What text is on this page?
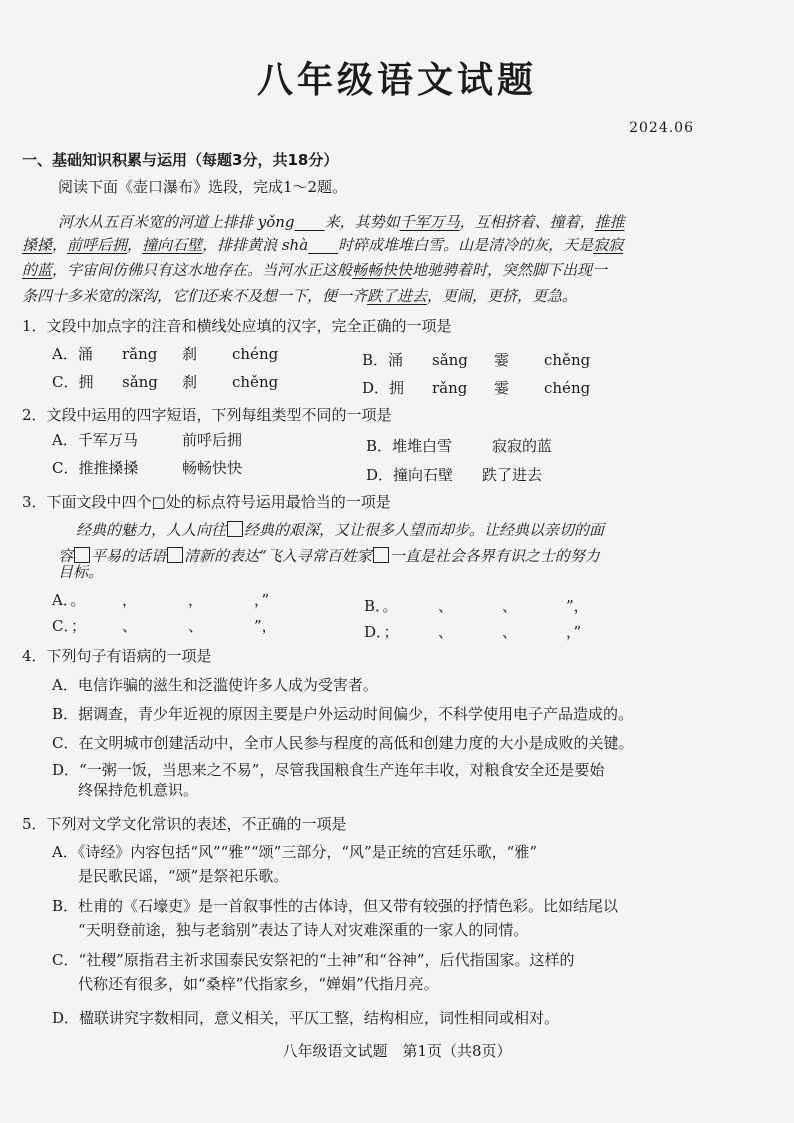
八年级语文试题
2024.06
一、基础知识积累与运用（每题3分，共18分）
阅读下面《壶口瀑布》选段，完成1～2题。
河水从五百米宽的河道上排排 yǒng　　 来，其势如千军万马，互相挤着、撞着，推推
搡搡，前呼后拥，撞向石壁，排排黄浪 shà　　 时碎成堆堆白雪。山是清冷的灰，天是寂寂
的蓝，宇宙间仿佛只有这水地存在。当河水正这般畅畅快快地驰骋着时，突然脚下出现一
条四十多米宽的深沟，它们还来不及想一下，便一齐跌了进去，更闹，更挤，更急。
1．文段中加点字的注音和横线处应填的汉字，完全正确的一项是
A．涌 rǎng 刹 chéng	B．涌 sǎng 霎 chěng
C．拥 sǎng 刹 chěng	D．拥 rǎng 霎 chéng
2．文段中运用的四字短语，下列每组类型不同的一项是
A．千军万马	前呼后拥	B．堆堆白雪	寂寂的蓝
C．推推搡搡	畅畅快快	D．撞向石壁 跌了进去
3．下面文段中四个□处的标点符号运用最恰当的一项是
经典的魅力，人人向往 经典的艰深，又让很多人望而却步。让经典以亲切的面
容 平易的话语 清新的表达“飞入寻常百姓家 一直是社会各界有识之士的努力
目标。
A．。 ，	，	，”	B．。	、	、	”，
C．； 、	、	”，	D．；	、	、	，”
4．下列句子有语病的一项是
A．电信诈骗的滋生和泛滥使许多人成为受害者。
B．据调查，青少年近视的原因主要是户外运动时间偏少，不科学使用电子产品造成的。
C．在文明城市创建活动中，全市人民参与程度的高低和创建力度的大小是成败的关键。
D．“一粥一饭，当思来之不易”，尽管我国粮食生产连年丰收，对粮食安全还是要始
终保持危机意识。
5．下列对文学文化常识的表述，不正确的一项是
A．《诗经》内容包括“风”“雅”“颂”三部分，“风”是正统的宫廷乐歌，“雅”
是民歌民谣，“颂”是祭祀乐歌。
B．杜甫的《石壕吏》是一首叙事性的古体诗，但又带有较强的抒情色彩。比如结尾以
“天明登前途，独与老翁别”表达了诗人对灾难深重的一家人的同情。
C．“社稷”原指君主祈求国泰民安祭祀的“土神”和“谷神”，后代指国家。这样的
代称还有很多，如“桑梓”代指家乡，“婵娟”代指月亮。
D．楹联讲究字数相同，意义相关，平仄工整，结构相应，词性相同或相对。
八年级语文试题　第1页（共8页）
